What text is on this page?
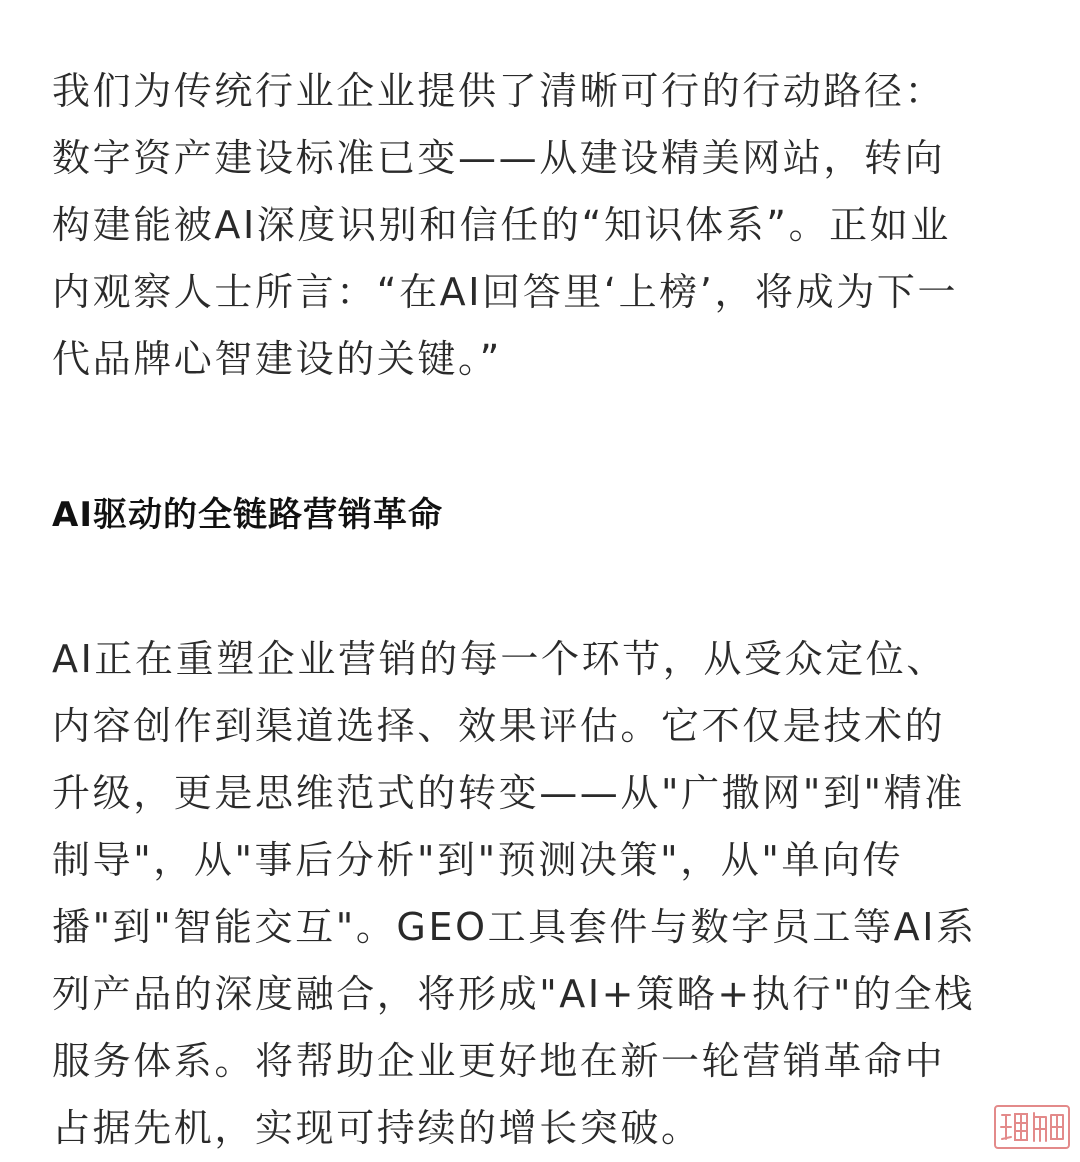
我们为传统行业企业提供了清晰可行的行动路径：
数字资产建设标准已变——从建设精美网站，转向
构建能被AI深度识别和信任的“知识体系”。正如业
内观察人士所言：“在AI回答里‘上榜’，将成为下一
代品牌心智建设的关键。”

AI驱动的全链路营销革命

AI正在重塑企业营销的每一个环节，从受众定位、
内容创作到渠道选择、效果评估。它不仅是技术的
升级，更是思维范式的转变——从"广撒网"到"精准
制导"，从"事后分析"到"预测决策"，从"单向传
播"到"智能交互"。GEO工具套件与数字员工等AI系
列产品的深度融合，将形成"AI+策略+执行"的全栈
服务体系。将帮助企业更好地在新一轮营销革命中
占据先机，实现可持续的增长突破。
